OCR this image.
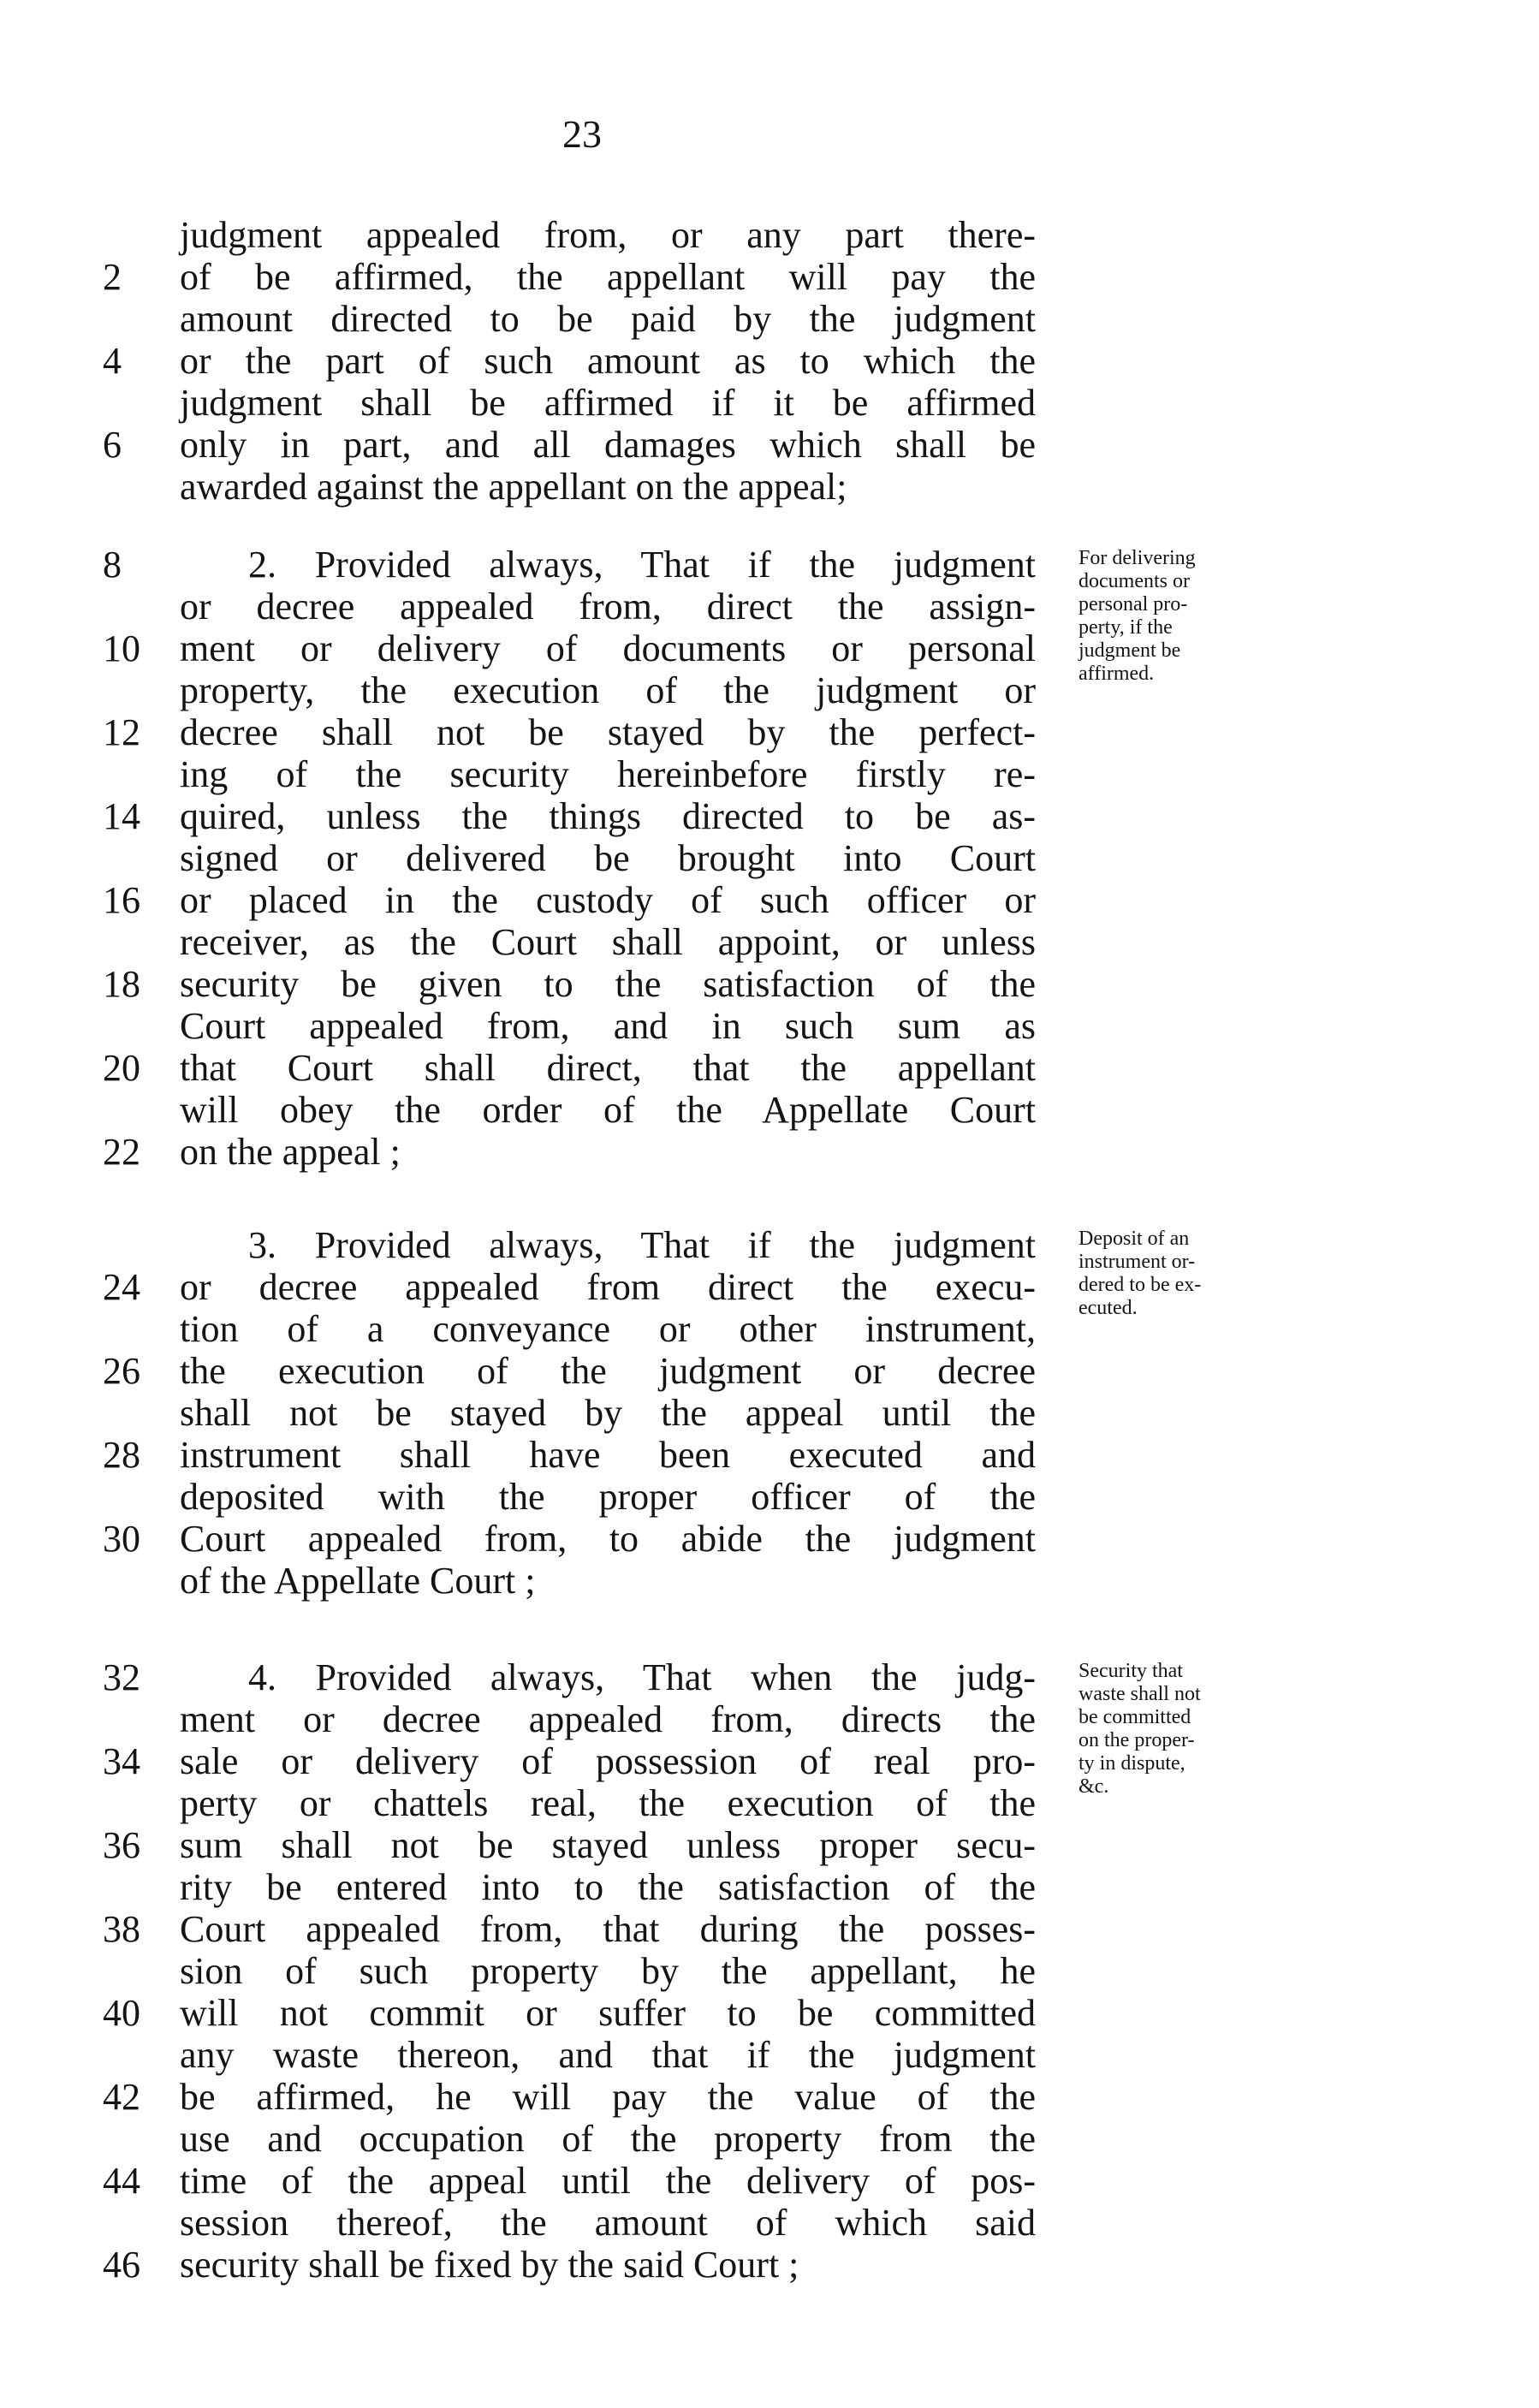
23
judgment appealed from, or any part there-
2	of be affirmed, the appellant will pay the
amount directed to be paid by the judgment
4	or the part of such amount as to which the
judgment shall be affirmed if it be affirmed
6	only in part, and all damages which shall be
awarded against the appellant on the appeal;
8	2. Provided always, That if the judgment
or decree appealed from, direct the assign-
10	ment or delivery of documents or personal
property, the execution of the judgment or
12	decree shall not be stayed by the perfect-
ing of the security hereinbefore firstly re-
14	quired, unless the things directed to be as-
signed or delivered be brought into Court
16	or placed in the custody of such officer or
receiver, as the Court shall appoint, or unless
18	security be given to the satisfaction of the
Court appealed from, and in such sum as
20	that Court shall direct, that the appellant
will obey the order of the Appellate Court
22	on the appeal ;
For delivering
documents or
personal pro-
perty, if the
judgment be
affirmed.
3. Provided always, That if the judgment
24	or decree appealed from direct the execu-
tion of a conveyance or other instrument,
26	the execution of the judgment or decree
shall not be stayed by the appeal until the
28	instrument shall have been executed and
deposited with the proper officer of the
30	Court appealed from, to abide the judgment
of the Appellate Court ;
Deposit of an
instrument or-
dered to be ex-
ecuted.
32	4. Provided always, That when the judg-
ment or decree appealed from, directs the
34	sale or delivery of possession of real pro-
perty or chattels real, the execution of the
36	sum shall not be stayed unless proper secu-
rity be entered into to the satisfaction of the
38	Court appealed from, that during the posses-
sion of such property by the appellant, he
40	will not commit or suffer to be committed
any waste thereon, and that if the judgment
42	be affirmed, he will pay the value of the
use and occupation of the property from the
44	time of the appeal until the delivery of pos-
session thereof, the amount of which said
46	security shall be fixed by the said Court ;
Security that
waste shall not
be committed
on the proper-
ty in dispute,
&c.
